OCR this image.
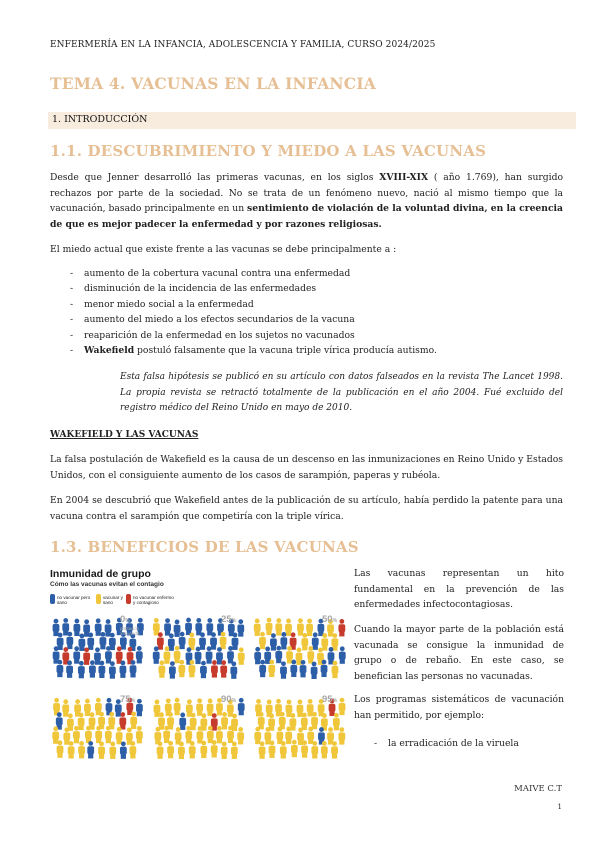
ENFERMERÍA EN LA INFANCIA, ADOLESCENCIA Y FAMILIA, CURSO 2024/2025
TEMA 4. VACUNAS EN LA INFANCIA
1. INTRODUCCIÓN
1.1. DESCUBRIMIENTO Y MIEDO A LAS VACUNAS

Desde que Jenner desarrolló las primeras vacunas, en los siglos XVIII-XIX ( año 1.769), han surgido rechazos por parte de la sociedad. No se trata de un fenómeno nuevo, nació al mismo tiempo que la vacunación, basado principalmente en un sentimiento de violación de la voluntad divina, en la creencia de que es mejor padecer la enfermedad y por razones religiosas.

El miedo actual que existe frente a las vacunas se debe principalmente a :

- aumento de la cobertura vacunal contra una enfermedad
- disminución de la incidencia de las enfermedades
- menor miedo social a la enfermedad
- aumento del miedo a los efectos secundarios de la vacuna
- reaparición de la enfermedad en los sujetos no vacunados
- Wakefield postuló falsamente que la vacuna triple vírica producía autismo.

Esta falsa hipótesis se publicó en su artículo con datos falseados en la revista The Lancet 1998. La propia revista se retractó totalmente de la publicación en el año 2004. Fué excluido del registro médico del Reino Unido en mayo de 2010.

WAKEFIELD Y LAS VACUNAS

La falsa postulación de Wakefield es la causa de un descenso en las inmunizaciones en Reino Unido y Estados Unidos, con el consiguiente aumento de los casos de sarampión, paperas y rubéola.

En 2004 se descubrió que Wakefield antes de la publicación de su artículo, había perdido la patente para una vacuna contra el sarampión que competiría con la triple vírica.

1.3. BENEFICIOS DE LAS VACUNAS
Inmunidad de grupo
Cómo las vacunas evitan el contagio
no vacunar pero sano
vacunar y sano
no vacunar enfermo y contagioso
0%
población vacunada
25%	50%
75%	90%	95%

Las vacunas representan un hito fundamental en la prevención de las enfermedades infectocontagiosas.

Cuando la mayor parte de la población está vacunada se consigue la inmunidad de grupo o de rebaño. En este caso, se benefician las personas no vacunadas.

Los programas sistemáticos de vacunación han permitido, por ejemplo:

- la erradicación de la viruela
MAIVE C.T
1
